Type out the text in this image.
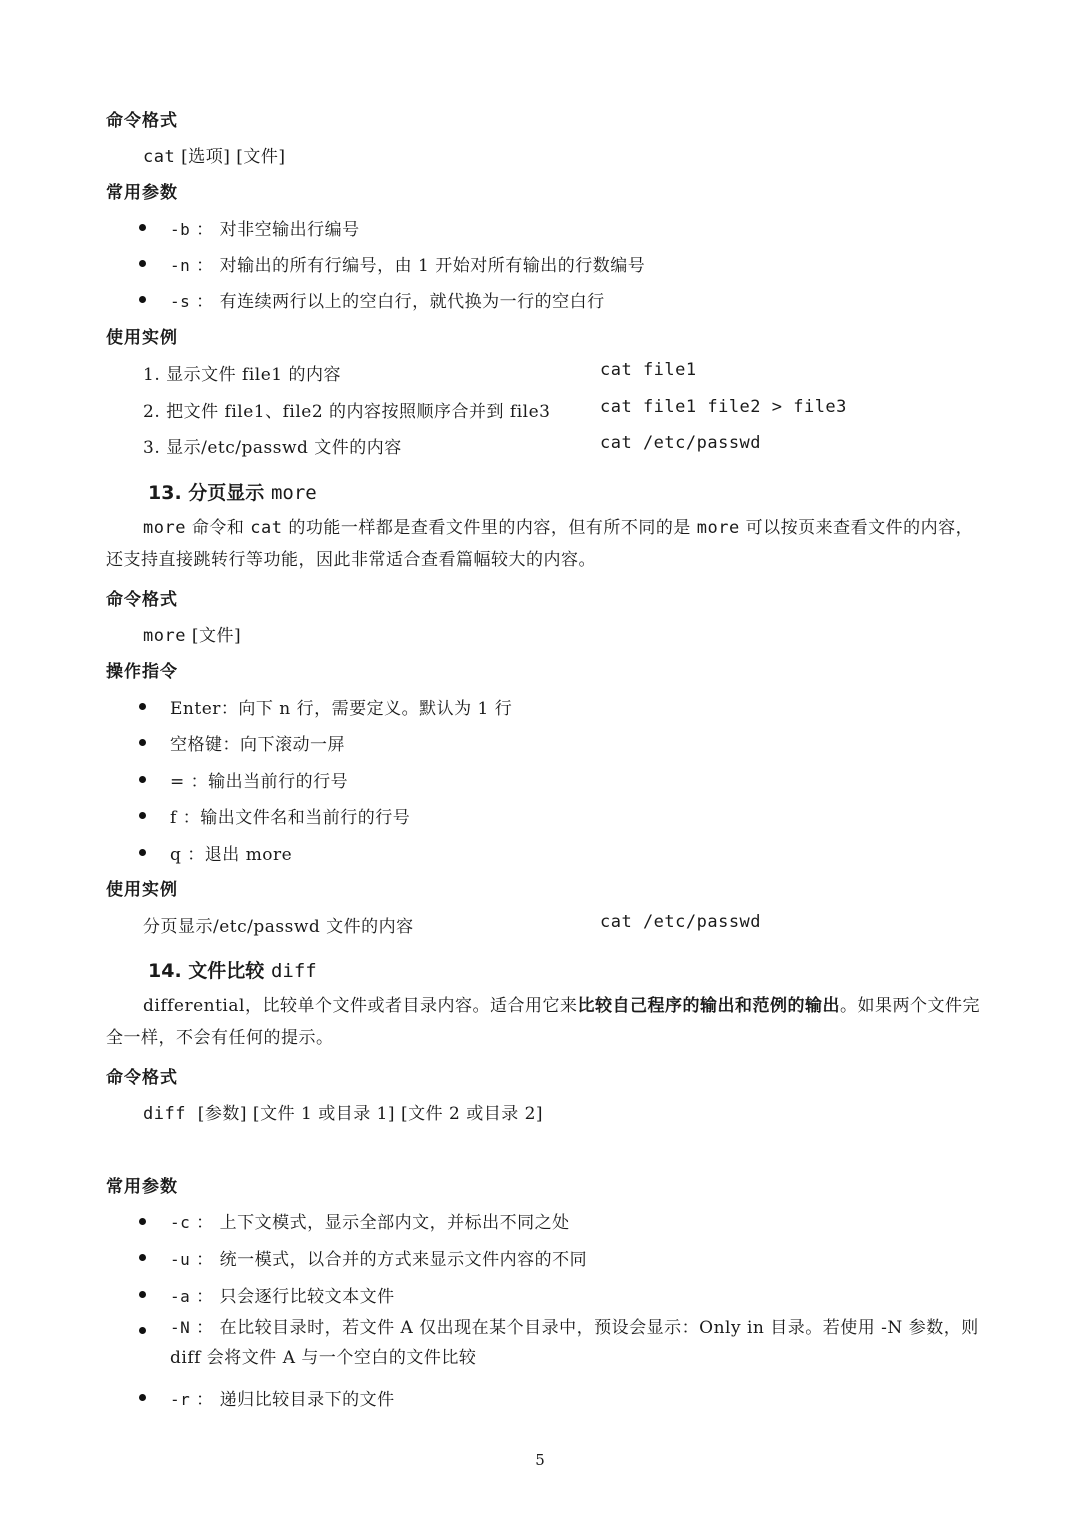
命令格式
cat [选项] [文件]
常用参数
-b ： 对非空输出行编号
-n ： 对输出的所有行编号，由 1 开始对所有输出的行数编号
-s ： 有连续两行以上的空白行，就代换为一行的空白行
使用实例
1. 显示文件 file1 的内容	cat file1
2. 把文件 file1、file2 的内容按照顺序合并到 file3	cat file1 file2 > file3
3. 显示/etc/passwd 文件的内容	cat /etc/passwd
13. 分页显示 more
more 命令和 cat 的功能一样都是查看文件里的内容，但有所不同的是 more 可以按页来查看文件的内容，还支持直接跳转行等功能，因此非常适合查看篇幅较大的内容。
命令格式
more [文件]
操作指令
Enter：向下 n 行，需要定义。默认为 1 行
空格键：向下滚动一屏
= ：输出当前行的行号
f ：输出文件名和当前行的行号
q ：退出 more
使用实例
分页显示/etc/passwd 文件的内容	cat /etc/passwd
14. 文件比较 diff
differential，比较单个文件或者目录内容。适合用它来比较自己程序的输出和范例的输出。如果两个文件完全一样，不会有任何的提示。
命令格式
diff [参数] [文件 1 或目录 1] [文件 2 或目录 2]
常用参数
-c ： 上下文模式，显示全部内文，并标出不同之处
-u ： 统一模式，以合并的方式来显示文件内容的不同
-a ： 只会逐行比较文本文件
-N ： 在比较目录时，若文件 A 仅出现在某个目录中，预设会显示：Only in 目录。若使用 -N 参数，则 diff 会将文件 A 与一个空白的文件比较
-r ： 递归比较目录下的文件
5
